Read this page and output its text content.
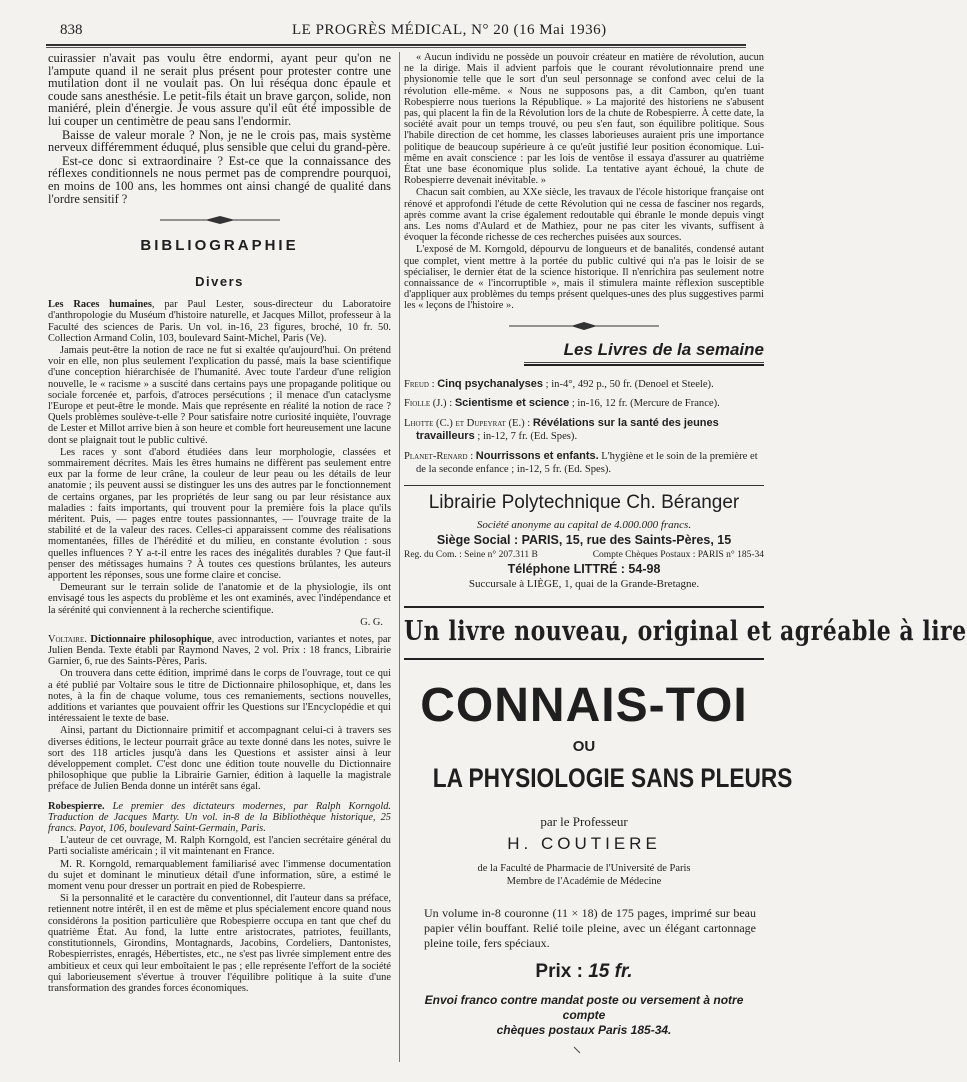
838	LE PROGRÈS MÉDICAL, N° 20 (16 Mai 1936)

cuirassier n'avait pas voulu être endormi, ayant peur qu'on ne l'ampute quand il ne serait plus présent pour protester contre une mutilation dont il ne voulait pas. On lui réséqua donc épaule et coude sans anesthésie. Le petit-fils était un brave garçon, solide, non maniéré, plein d'énergie. Je vous assure qu'il eût été impossible de lui couper un centimètre de peau sans l'endormir.

Baisse de valeur morale ? Non, je ne le crois pas, mais système nerveux différemment éduqué, plus sensible que celui du grand-père.

Est-ce donc si extraordinaire ? Est-ce que la connaissance des réflexes conditionnels ne nous permet pas de comprendre pourquoi, en moins de 100 ans, les hommes ont ainsi changé de qualité dans l'ordre sensitif ?

BIBLIOGRAPHIE
Divers

Les Races humaines, par Paul Lester, sous-directeur du Laboratoire d'anthropologie du Muséum d'histoire naturelle, et Jacques Millot, professeur à la Faculté des sciences de Paris. Un vol. in-16, 23 figures, broché, 10 fr. 50. Collection Armand Colin, 103, boulevard Saint-Michel, Paris (Ve).

Jamais peut-être la notion de race ne fut si exaltée qu'aujourd'hui. On prétend voir en elle, non plus seulement l'explication du passé, mais la base scientifique d'une conception hiérarchisée de l'humanité. Avec toute l'ardeur d'une religion nouvelle, le « racisme » a suscité dans certains pays une propagande politique ou sociale forcenée et, parfois, d'atroces persécutions ; il menace d'un cataclysme l'Europe et peut-être le monde. Mais que représente en réalité la notion de race ? Quels problèmes soulève-t-elle ? Pour satisfaire notre curiosité inquiète, l'ouvrage de Lester et Millot arrive bien à son heure et comble fort heureusement une lacune dont se plaignait tout le public cultivé.

Les races y sont d'abord étudiées dans leur morphologie, classées et sommairement décrites. Mais les êtres humains ne diffèrent pas seulement entre eux par la forme de leur crâne, la couleur de leur peau ou les détails de leur anatomie ; ils peuvent aussi se distinguer les uns des autres par le fonctionnement de certains organes, par les propriétés de leur sang ou par leur résistance aux maladies : faits importants, qui trouvent pour la première fois la place qu'ils méritent. Puis, — pages entre toutes passionnantes, — l'ouvrage traite de la stabilité et de la valeur des races. Celles-ci apparaissent comme des réalisations momentanées, filles de l'hérédité et du milieu, en constante évolution : sous quelles influences ? Y a-t-il entre les races des inégalités durables ? Que faut-il penser des métissages humains ? À toutes ces questions brûlantes, les auteurs apportent les réponses, sous une forme claire et concise.

Demeurant sur le terrain solide de l'anatomie et de la physiologie, ils ont envisagé tous les aspects du problème et les ont examinés, avec l'indépendance et la sérénité qui conviennent à la recherche scientifique.

G. G.

Voltaire. Dictionnaire philosophique, avec introduction, variantes et notes, par Julien Benda. Texte établi par Raymond Naves, 2 vol. Prix : 18 francs, Librairie Garnier, 6, rue des Saints-Pères, Paris.

On trouvera dans cette édition, imprimé dans le corps de l'ouvrage, tout ce qui a été publié par Voltaire sous le titre de Dictionnaire philosophique, et, dans les notes, à la fin de chaque volume, tous ces remaniements, sections nouvelles, additions et variantes que pouvaient offrir les Questions sur l'Encyclopédie et qui intéressaient le texte de base.

Ainsi, partant du Dictionnaire primitif et accompagnant celui-ci à travers ses diverses éditions, le lecteur pourrait grâce au texte donné dans les notes, suivre le sort des 118 articles jusqu'à dans les Questions et assister ainsi à leur développement complet. C'est donc une édition toute nouvelle du Dictionnaire philosophique que publie la Librairie Garnier, édition à laquelle la magistrale préface de Julien Benda donne un intérêt sans égal.

Robespierre. Le premier des dictateurs modernes, par Ralph Korngold. Traduction de Jacques Marty. Un vol. in-8 de la Bibliothèque historique, 25 francs. Payot, 106, boulevard Saint-Germain, Paris.

L'auteur de cet ouvrage, M. Ralph Korngold, est l'ancien secrétaire général du Parti socialiste américain ; il vit maintenant en France.

M. R. Korngold, remarquablement familiarisé avec l'immense documentation du sujet et dominant le minutieux détail d'une information, sûre, a estimé le moment venu pour dresser un portrait en pied de Robespierre.

Si la personnalité et le caractère du conventionnel, dit l'auteur dans sa préface, retiennent notre intérêt, il en est de même et plus spécialement encore quand nous considérons la position particulière que Robespierre occupa en tant que chef du quatrième État. Au fond, la lutte entre aristocrates, patriotes, feuillants, constitutionnels, Girondins, Montagnards, Jacobins, Cordeliers, Dantonistes, Robespierristes, enragés, Hébertistes, etc., ne s'est pas livrée simplement entre des ambitieux et ceux qui leur emboîtaient le pas ; elle représente l'effort de la société qui laborieusement s'évertue à trouver l'équilibre politique à la suite d'une transformation des grandes forces économiques.

« Aucun individu ne possède un pouvoir créateur en matière de révolution, aucun ne la dirige. Mais il advient parfois que le courant révolutionnaire prend une physionomie telle que le sort d'un seul personnage se confond avec celui de la révolution elle-même. « Nous ne supposons pas, a dit Cambon, qu'en tuant Robespierre nous tuerions la République. » La majorité des historiens ne s'abusent pas, qui placent la fin de la Révolution lors de la chute de Robespierre. À cette date, la société avait pour un temps trouvé, ou peu s'en faut, son équilibre politique. Sous l'habile direction de cet homme, les classes laborieuses auraient pris une importance politique de beaucoup supérieure à ce qu'eût justifié leur position économique. Lui-même en avait conscience : par les lois de ventôse il essaya d'assurer au quatrième État une base économique plus solide. La tentative ayant échoué, la chute de Robespierre devenait inévitable. »

Chacun sait combien, au XXe siècle, les travaux de l'école historique française ont rénové et approfondi l'étude de cette Révolution qui ne cessa de fasciner nos regards, après comme avant la crise également redoutable qui ébranle le monde depuis vingt ans. Les noms d'Aulard et de Mathiez, pour ne pas citer les vivants, suffisent à évoquer la féconde richesse de ces recherches puisées aux sources.

L'exposé de M. Korngold, dépourvu de longueurs et de banalités, condensé autant que complet, vient mettre à la portée du public cultivé qui n'a pas le loisir de se spécialiser, le dernier état de la science historique. Il n'enrichira pas seulement notre connaissance de « l'incorruptible », mais il stimulera mainte réflexion susceptible d'appliquer aux problèmes du temps présent quelques-unes des plus suggestives parmi les « leçons de l'histoire ».

Les Livres de la semaine
Freud : Cinq psychanalyses ; in-4°, 492 p., 50 fr. (Denoel et Steele).
Fiolle (J.) : Scientisme et science ; in-16, 12 fr. (Mercure de France).
Lhotte (C.) et Dupeyrat (E.) : Révélations sur la santé des jeunes travailleurs ; in-12, 7 fr. (Ed. Spes).
Planet-Renard : Nourrissons et enfants. L'hygiène et le soin de la première et de la seconde enfance ; in-12, 5 fr. (Ed. Spes).
Librairie Polytechnique Ch. Béranger
Société anonyme au capital de 4.000.000 francs.
Siège Social : PARIS, 15, rue des Saints-Pères, 15
Reg. du Com. : Seine n° 207.311 B	Compte Chèques Postaux : PARIS n° 185-34
Téléphone LITTRÉ : 54-98
Succursale à LIÈGE, 1, quai de la Grande-Bretagne.
Un livre nouveau, original et agréable à lire
CONNAIS-TOI
OU
LA PHYSIOLOGIE SANS PLEURS
par le Professeur
H. COUTIERE
de la Faculté de Pharmacie de l'Université de Paris
Membre de l'Académie de Médecine
Un volume in-8 couronne (11 × 18) de 175 pages, imprimé sur beau papier vélin bouffant. Relié toile pleine, avec un élégant cartonnage pleine toile, fers spéciaux.
Prix : 15 fr.
Envoi franco contre mandat poste ou versement à notre compte
chèques postaux Paris 185-34.
